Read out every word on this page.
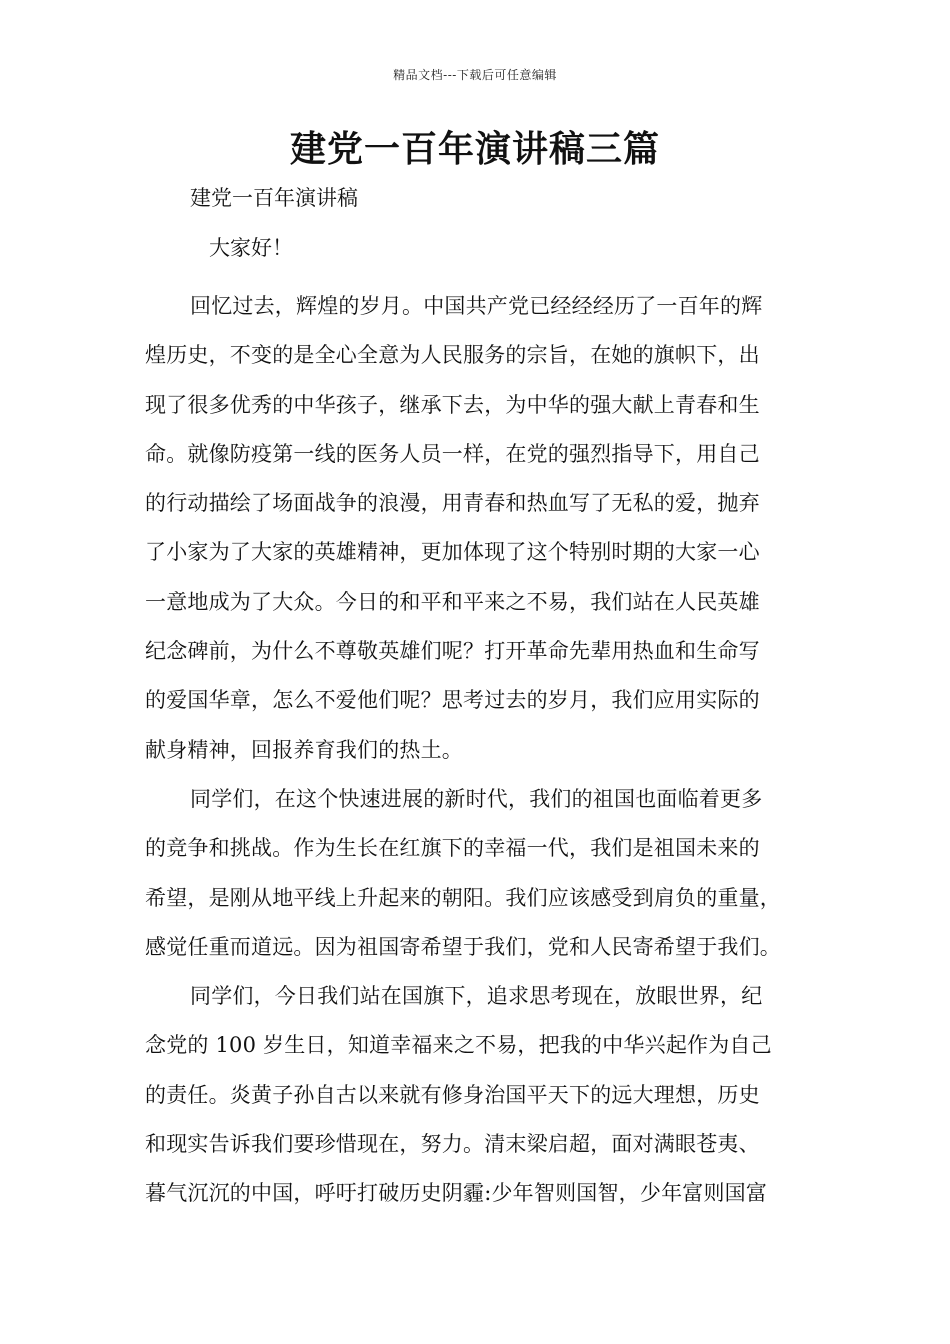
精品文档---下载后可任意编辑
建党一百年演讲稿三篇

建党一百年演讲稿

大家好！

回忆过去，辉煌的岁月。中国共产党已经经经历了一百年的辉
煌历史，不变的是全心全意为人民服务的宗旨，在她的旗帜下，出
现了很多优秀的中华孩子，继承下去，为中华的强大献上青春和生
命。就像防疫第一线的医务人员一样，在党的强烈指导下，用自己
的行动描绘了场面战争的浪漫，用青春和热血写了无私的爱，抛弃
了小家为了大家的英雄精神，更加体现了这个特别时期的大家一心
一意地成为了大众。今日的和平和平来之不易，我们站在人民英雄
纪念碑前，为什么不尊敬英雄们呢？打开革命先辈用热血和生命写
的爱国华章，怎么不爱他们呢？思考过去的岁月，我们应用实际的
献身精神，回报养育我们的热土。
同学们，在这个快速进展的新时代，我们的祖国也面临着更多
的竞争和挑战。作为生长在红旗下的幸福一代，我们是祖国未来的
希望，是刚从地平线上升起来的朝阳。我们应该感受到肩负的重量，
感觉任重而道远。因为祖国寄希望于我们，党和人民寄希望于我们。
同学们，今日我们站在国旗下，追求思考现在，放眼世界，纪
念党的 100 岁生日，知道幸福来之不易，把我的中华兴起作为自己
的责任。炎黄子孙自古以来就有修身治国平天下的远大理想，历史
和现实告诉我们要珍惜现在，努力。清末梁启超，面对满眼苍夷、
暮气沉沉的中国，呼吁打破历史阴霾:少年智则国智，少年富则国富
